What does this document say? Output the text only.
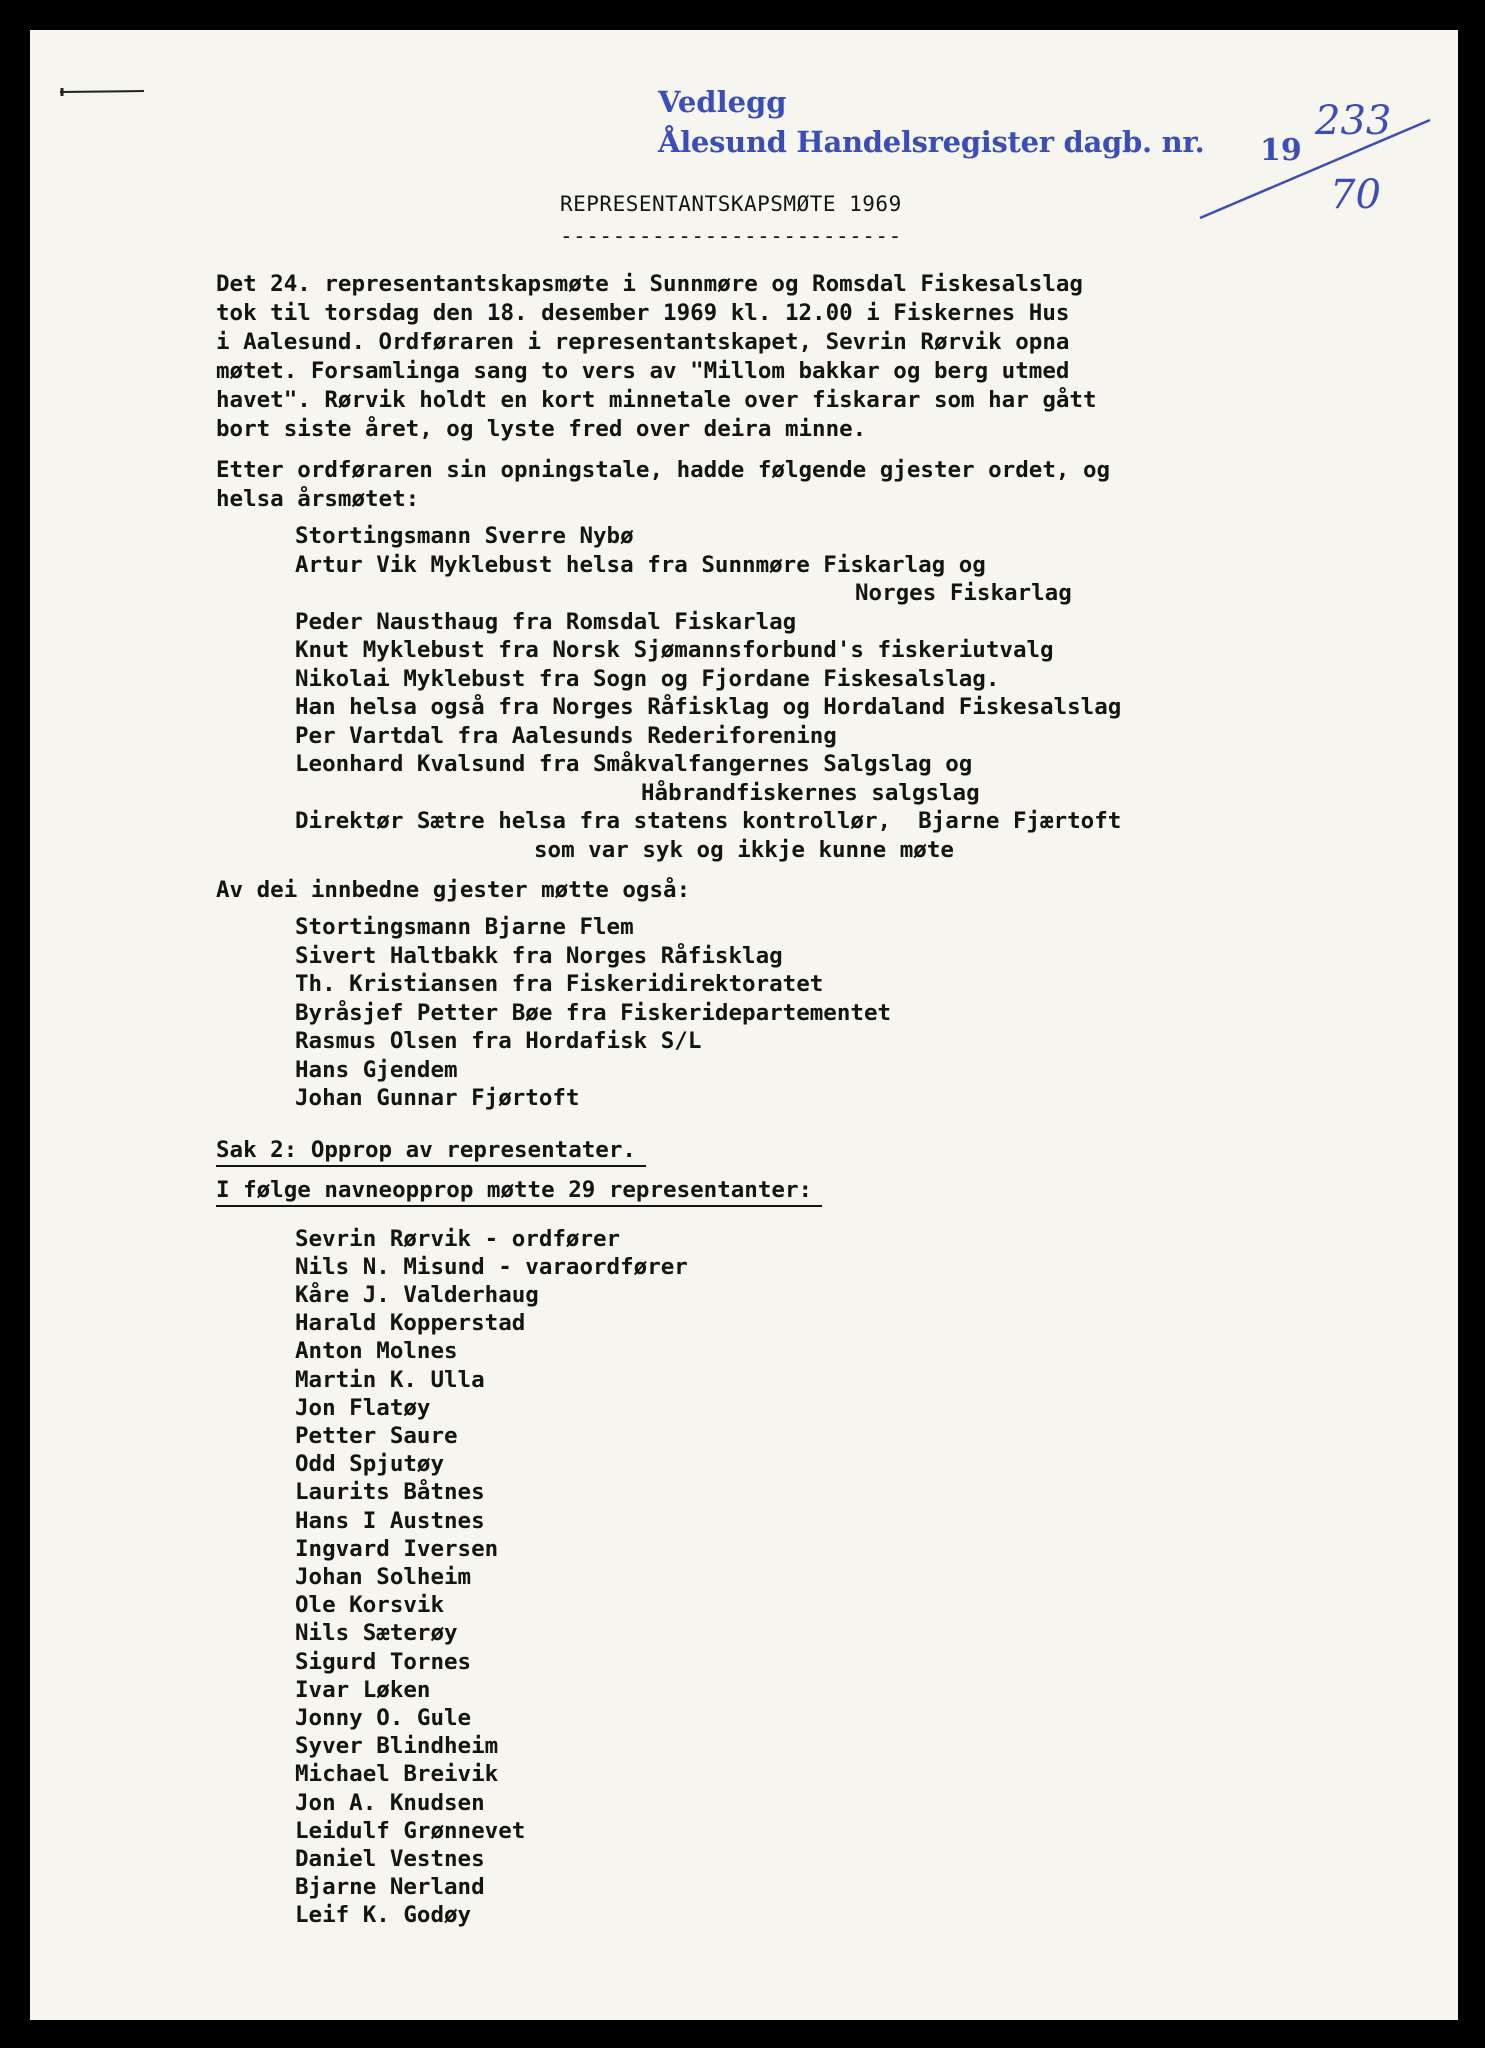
Vedlegg
Ålesund Handelsregister dagb. nr. 19
233
70
REPRESENTANTSKAPSMØTE 1969
--------------------------

Det 24. representantskapsmøte i Sunnmøre og Romsdal Fiskesalslag

tok til torsdag den 18. desember 1969 kl. 12.00 i Fiskernes Hus

i Aalesund. Ordføraren i representantskapet, Sevrin Rørvik opna

møtet. Forsamlinga sang to vers av "Millom bakkar og berg utmed

havet". Rørvik holdt en kort minnetale over fiskarar som har gått

bort siste året, og lyste fred over deira minne.

Etter ordføraren sin opningstale, hadde følgende gjester ordet, og

helsa årsmøtet:

Stortingsmann Sverre Nybø
Artur Vik Myklebust helsa fra Sunnmøre Fiskarlag og
Norges Fiskarlag
Peder Nausthaug fra Romsdal Fiskarlag
Knut Myklebust fra Norsk Sjømannsforbund's fiskeriutvalg
Nikolai Myklebust fra Sogn og Fjordane Fiskesalslag.
Han helsa også fra Norges Råfisklag og Hordaland Fiskesalslag
Per Vartdal fra Aalesunds Rederiforening
Leonhard Kvalsund fra Småkvalfangernes Salgslag og
Håbrandfiskernes salgslag
Direktør Sætre helsa fra statens kontrollør,  Bjarne Fjærtoft
som var syk og ikkje kunne møte

Av dei innbedne gjester møtte også:

Stortingsmann Bjarne Flem
Sivert Haltbakk fra Norges Råfisklag
Th. Kristiansen fra Fiskeridirektoratet
Byråsjef Petter Bøe fra Fiskeridepartementet
Rasmus Olsen fra Hordafisk S/L
Hans Gjendem
Johan Gunnar Fjørtoft
Sak 2: Opprop av representater.
I følge navneopprop møtte 29 representanter:
Sevrin Rørvik - ordfører
Nils N. Misund - varaordfører
Kåre J. Valderhaug
Harald Kopperstad
Anton Molnes
Martin K. Ulla
Jon Flatøy
Petter Saure
Odd Spjutøy
Laurits Båtnes
Hans I Austnes
Ingvard Iversen
Johan Solheim
Ole Korsvik
Nils Sæterøy
Sigurd Tornes
Ivar Løken
Jonny O. Gule
Syver Blindheim
Michael Breivik
Jon A. Knudsen
Leidulf Grønnevet
Daniel Vestnes
Bjarne Nerland
Leif K. Godøy
